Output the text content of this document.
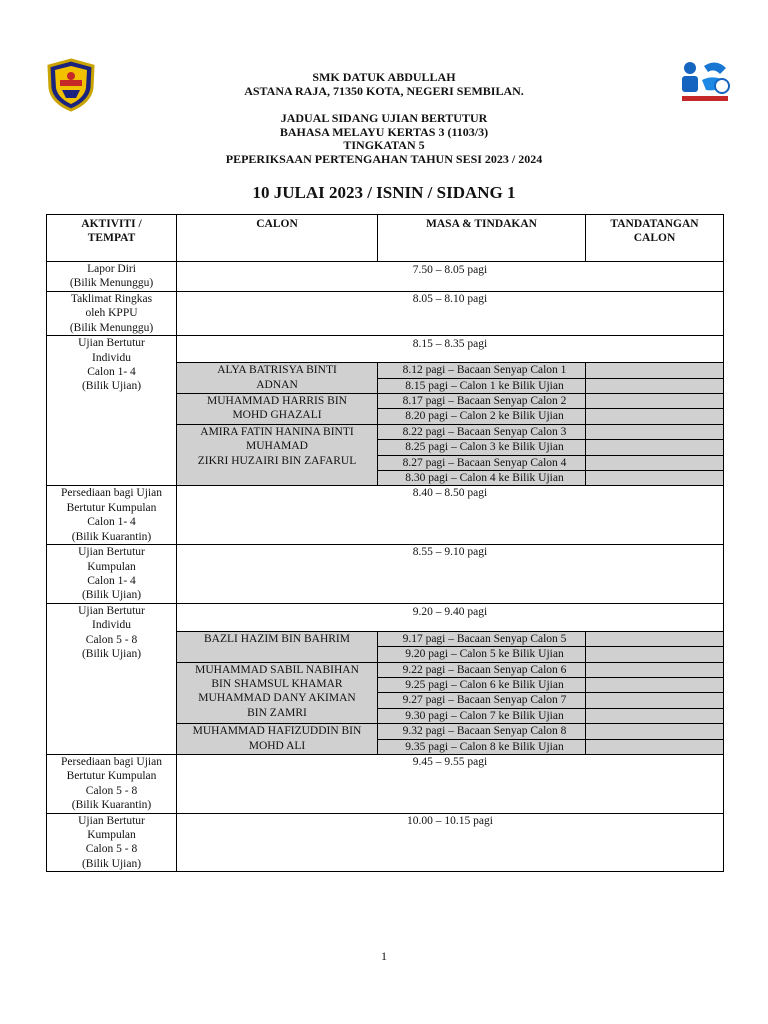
SMK DATUK ABDULLAH
ASTANA RAJA, 71350 KOTA, NEGERI SEMBILAN.
JADUAL SIDANG UJIAN BERTUTUR
BAHASA MELAYU KERTAS 3 (1103/3)
TINGKATAN 5
PEPERIKSAAN PERTENGAHAN TAHUN SESI 2023 / 2024
10 JULAI 2023 / ISNIN / SIDANG 1
AKTIVITI / TEMPAT	CALON	MASA & TINDAKAN	TANDATANGAN CALON

Lapor Diri
(Bilik Menunggu)	7.50 – 8.05 pagi		

Taklimat Ringkas
oleh KPPU
(Bilik Menunggu)	8.05 – 8.10 pagi		

Ujian Bertutur
Individu
Calon 1- 4
(Bilik Ujian)	8.15 – 8.35 pagi		

	ALYA BATRISYA BINTI
ADNAN	8.12 pagi – Bacaan Senyap Calon 1	
		8.15 pagi – Calon 1 ke Bilik Ujian	

	MUHAMMAD HARRIS BIN
MOHD GHAZALI	8.17 pagi – Bacaan Senyap Calon 2	
		8.20 pagi – Calon 2 ke Bilik Ujian	

	AMIRA FATIN HANINA BINTI
MUHAMAD
ZIKRI HUZAIRI BIN ZAFARUL	8.22 pagi – Bacaan Senyap Calon 3	
		8.25 pagi – Calon 3 ke Bilik Ujian	
		8.27 pagi – Bacaan Senyap Calon 4	
		8.30 pagi – Calon 4 ke Bilik Ujian	

Persediaan bagi Ujian
Bertutur Kumpulan
Calon 1- 4
(Bilik Kuarantin)	8.40 – 8.50 pagi		

Ujian Bertutur
Kumpulan
Calon 1- 4
(Bilik Ujian)	8.55 – 9.10 pagi		

Ujian Bertutur
Individu
Calon 5 - 8
(Bilik Ujian)	9.20 – 9.40 pagi		

	BAZLI HAZIM BIN BAHRIM	9.17 pagi – Bacaan Senyap Calon 5	
		9.20 pagi – Calon 5 ke Bilik Ujian	

	MUHAMMAD SABIL NABIHAN
BIN SHAMSUL KHAMAR
MUHAMMAD DANY AKIMAN
BIN ZAMRI	9.22 pagi – Bacaan Senyap Calon 6	
		9.25 pagi – Calon 6 ke Bilik Ujian	
		9.27 pagi – Bacaan Senyap Calon 7	
		9.30 pagi – Calon 7 ke Bilik Ujian	

	MUHAMMAD HAFIZUDDIN BIN
MOHD ALI	9.32 pagi – Bacaan Senyap Calon 8	
		9.35 pagi – Calon 8 ke Bilik Ujian	

Persediaan bagi Ujian
Bertutur Kumpulan
Calon 5 - 8
(Bilik Kuarantin)	9.45 – 9.55 pagi		

Ujian Bertutur
Kumpulan
Calon 5 - 8
(Bilik Ujian)	10.00 – 10.15 pagi		
1
